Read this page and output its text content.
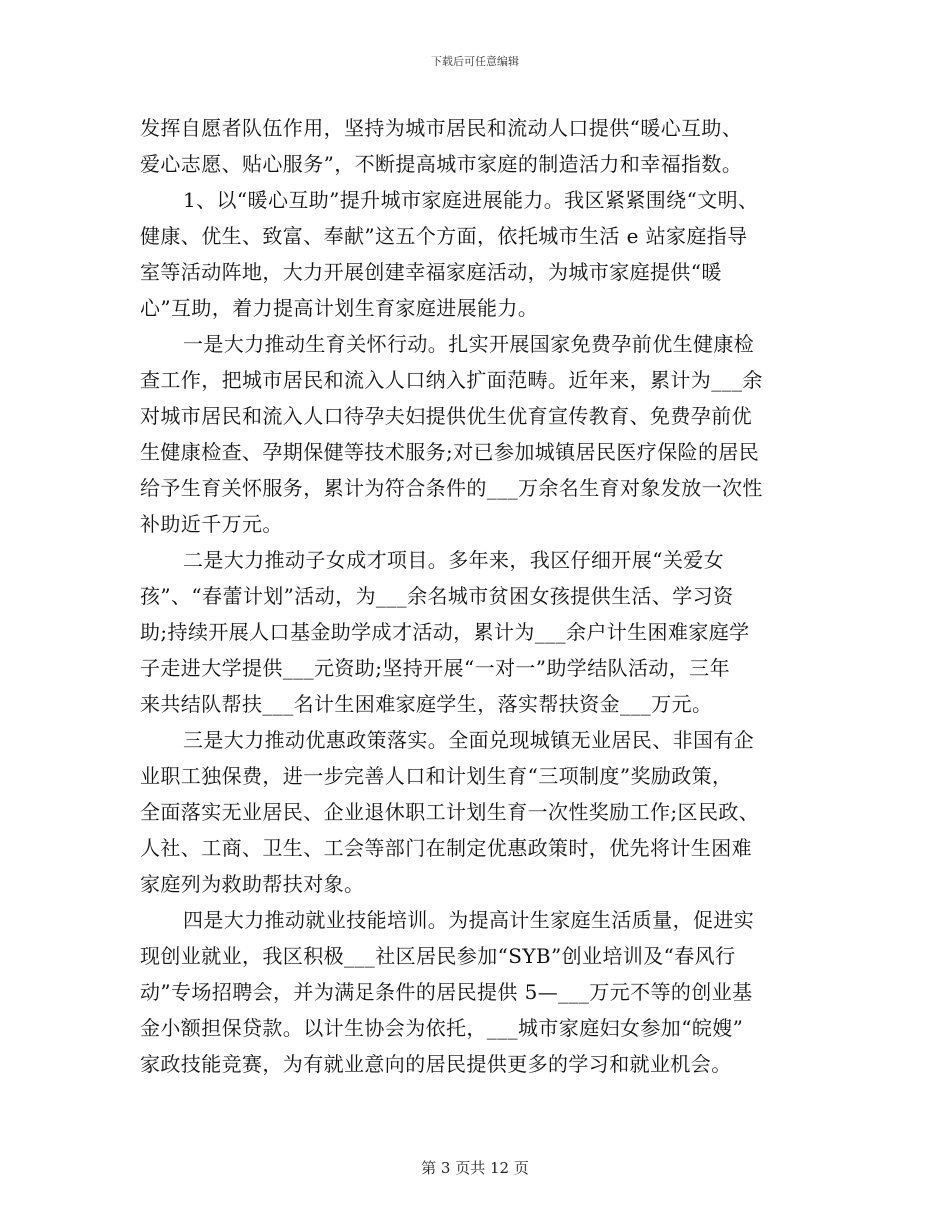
下载后可任意编辑
发挥自愿者队伍作用，坚持为城市居民和流动人口提供“暖心互助、
爱心志愿、贴心服务”，不断提高城市家庭的制造活力和幸福指数。
1、以“暖心互助”提升城市家庭进展能力。我区紧紧围绕“文明、
健康、优生、致富、奉献”这五个方面，依托城市生活 e 站家庭指导
室等活动阵地，大力开展创建幸福家庭活动，为城市家庭提供“暖
心”互助，着力提高计划生育家庭进展能力。
一是大力推动生育关怀行动。扎实开展国家免费孕前优生健康检
查工作，把城市居民和流入人口纳入扩面范畴。近年来，累计为___余
对城市居民和流入人口待孕夫妇提供优生优育宣传教育、免费孕前优
生健康检查、孕期保健等技术服务;对已参加城镇居民医疗保险的居民
给予生育关怀服务，累计为符合条件的___万余名生育对象发放一次性
补助近千万元。
二是大力推动子女成才项目。多年来，我区仔细开展“关爱女
孩”、“春蕾计划”活动，为___余名城市贫困女孩提供生活、学习资
助;持续开展人口基金助学成才活动，累计为___余户计生困难家庭学
子走进大学提供___元资助;坚持开展“一对一”助学结队活动，三年
来共结队帮扶___名计生困难家庭学生，落实帮扶资金___万元。
三是大力推动优惠政策落实。全面兑现城镇无业居民、非国有企
业职工独保费，进一步完善人口和计划生育“三项制度”奖励政策，
全面落实无业居民、企业退休职工计划生育一次性奖励工作;区民政、
人社、工商、卫生、工会等部门在制定优惠政策时，优先将计生困难
家庭列为救助帮扶对象。
四是大力推动就业技能培训。为提高计生家庭生活质量，促进实
现创业就业，我区积极___社区居民参加“SYB”创业培训及“春风行
动”专场招聘会，并为满足条件的居民提供 5—___万元不等的创业基
金小额担保贷款。以计生协会为依托，___城市家庭妇女参加“皖嫂”
家政技能竞赛，为有就业意向的居民提供更多的学习和就业机会。
第 3 页共 12 页
